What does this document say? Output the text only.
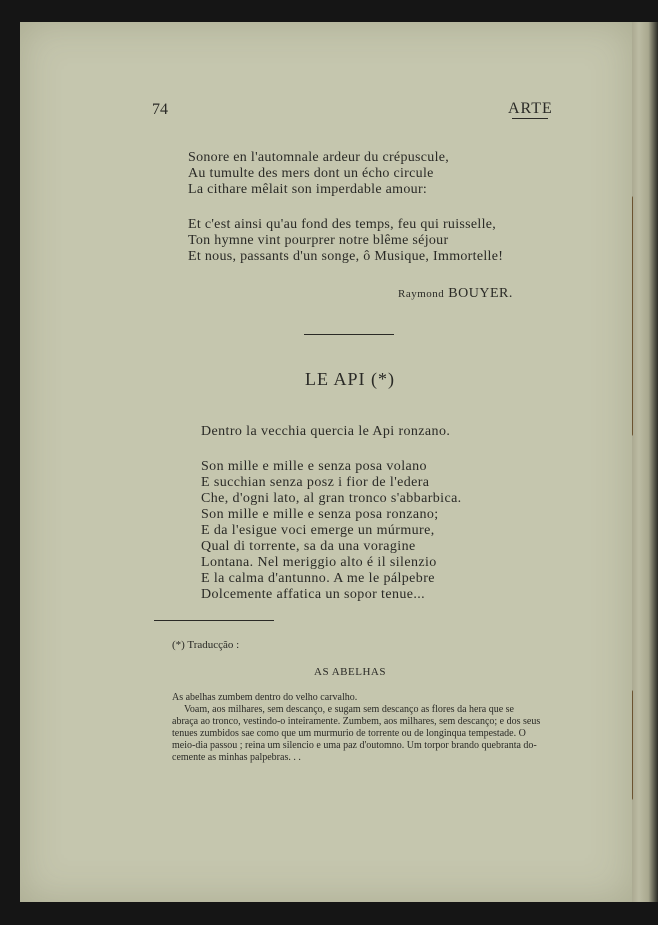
74	ARTE

Sonore en l'automnale ardeur du crépuscule,
Au tumulte des mers dont un écho circule
La cithare mêlait son imperdable amour:
Et c'est ainsi qu'au fond des temps, feu qui ruisselle,
Ton hymne vint pourprer notre blême séjour
Et nous, passants d'un songe, ô Musique, Immortelle!

Raymond BOUYER.

LE API (*)

Dentro la vecchia quercia le Api ronzano.

Son mille e mille e senza posa volano
E succhian senza posz i fior de l'edera
Che, d'ogni lato, al gran tronco s'abbarbica.
Son mille e mille e senza posa ronzano;
E da l'esigue voci emerge un múrmure,
Qual di torrente, sa da una voragine
Lontana. Nel meriggio alto é il silenzio
E la calma d'antunno. A me le pálpebre
Dolcemente affatica un sopor tenue...

(*) Traducção :

AS ABELHAS

As abelhas zumbem dentro do velho carvalho.

Voam, aos milhares, sem descanço, e sugam sem descanço as flores da hera que se

abraça ao tronco, vestindo-o inteiramente. Zumbem, aos milhares, sem descanço; e dos seus

tenues zumbidos sae como que um murmurio de torrente ou de longinqua tempestade. O

meio-dia passou ; reina um silencio e uma paz d'outomno. Um torpor brando quebranta do-

cemente as minhas palpebras. . .
